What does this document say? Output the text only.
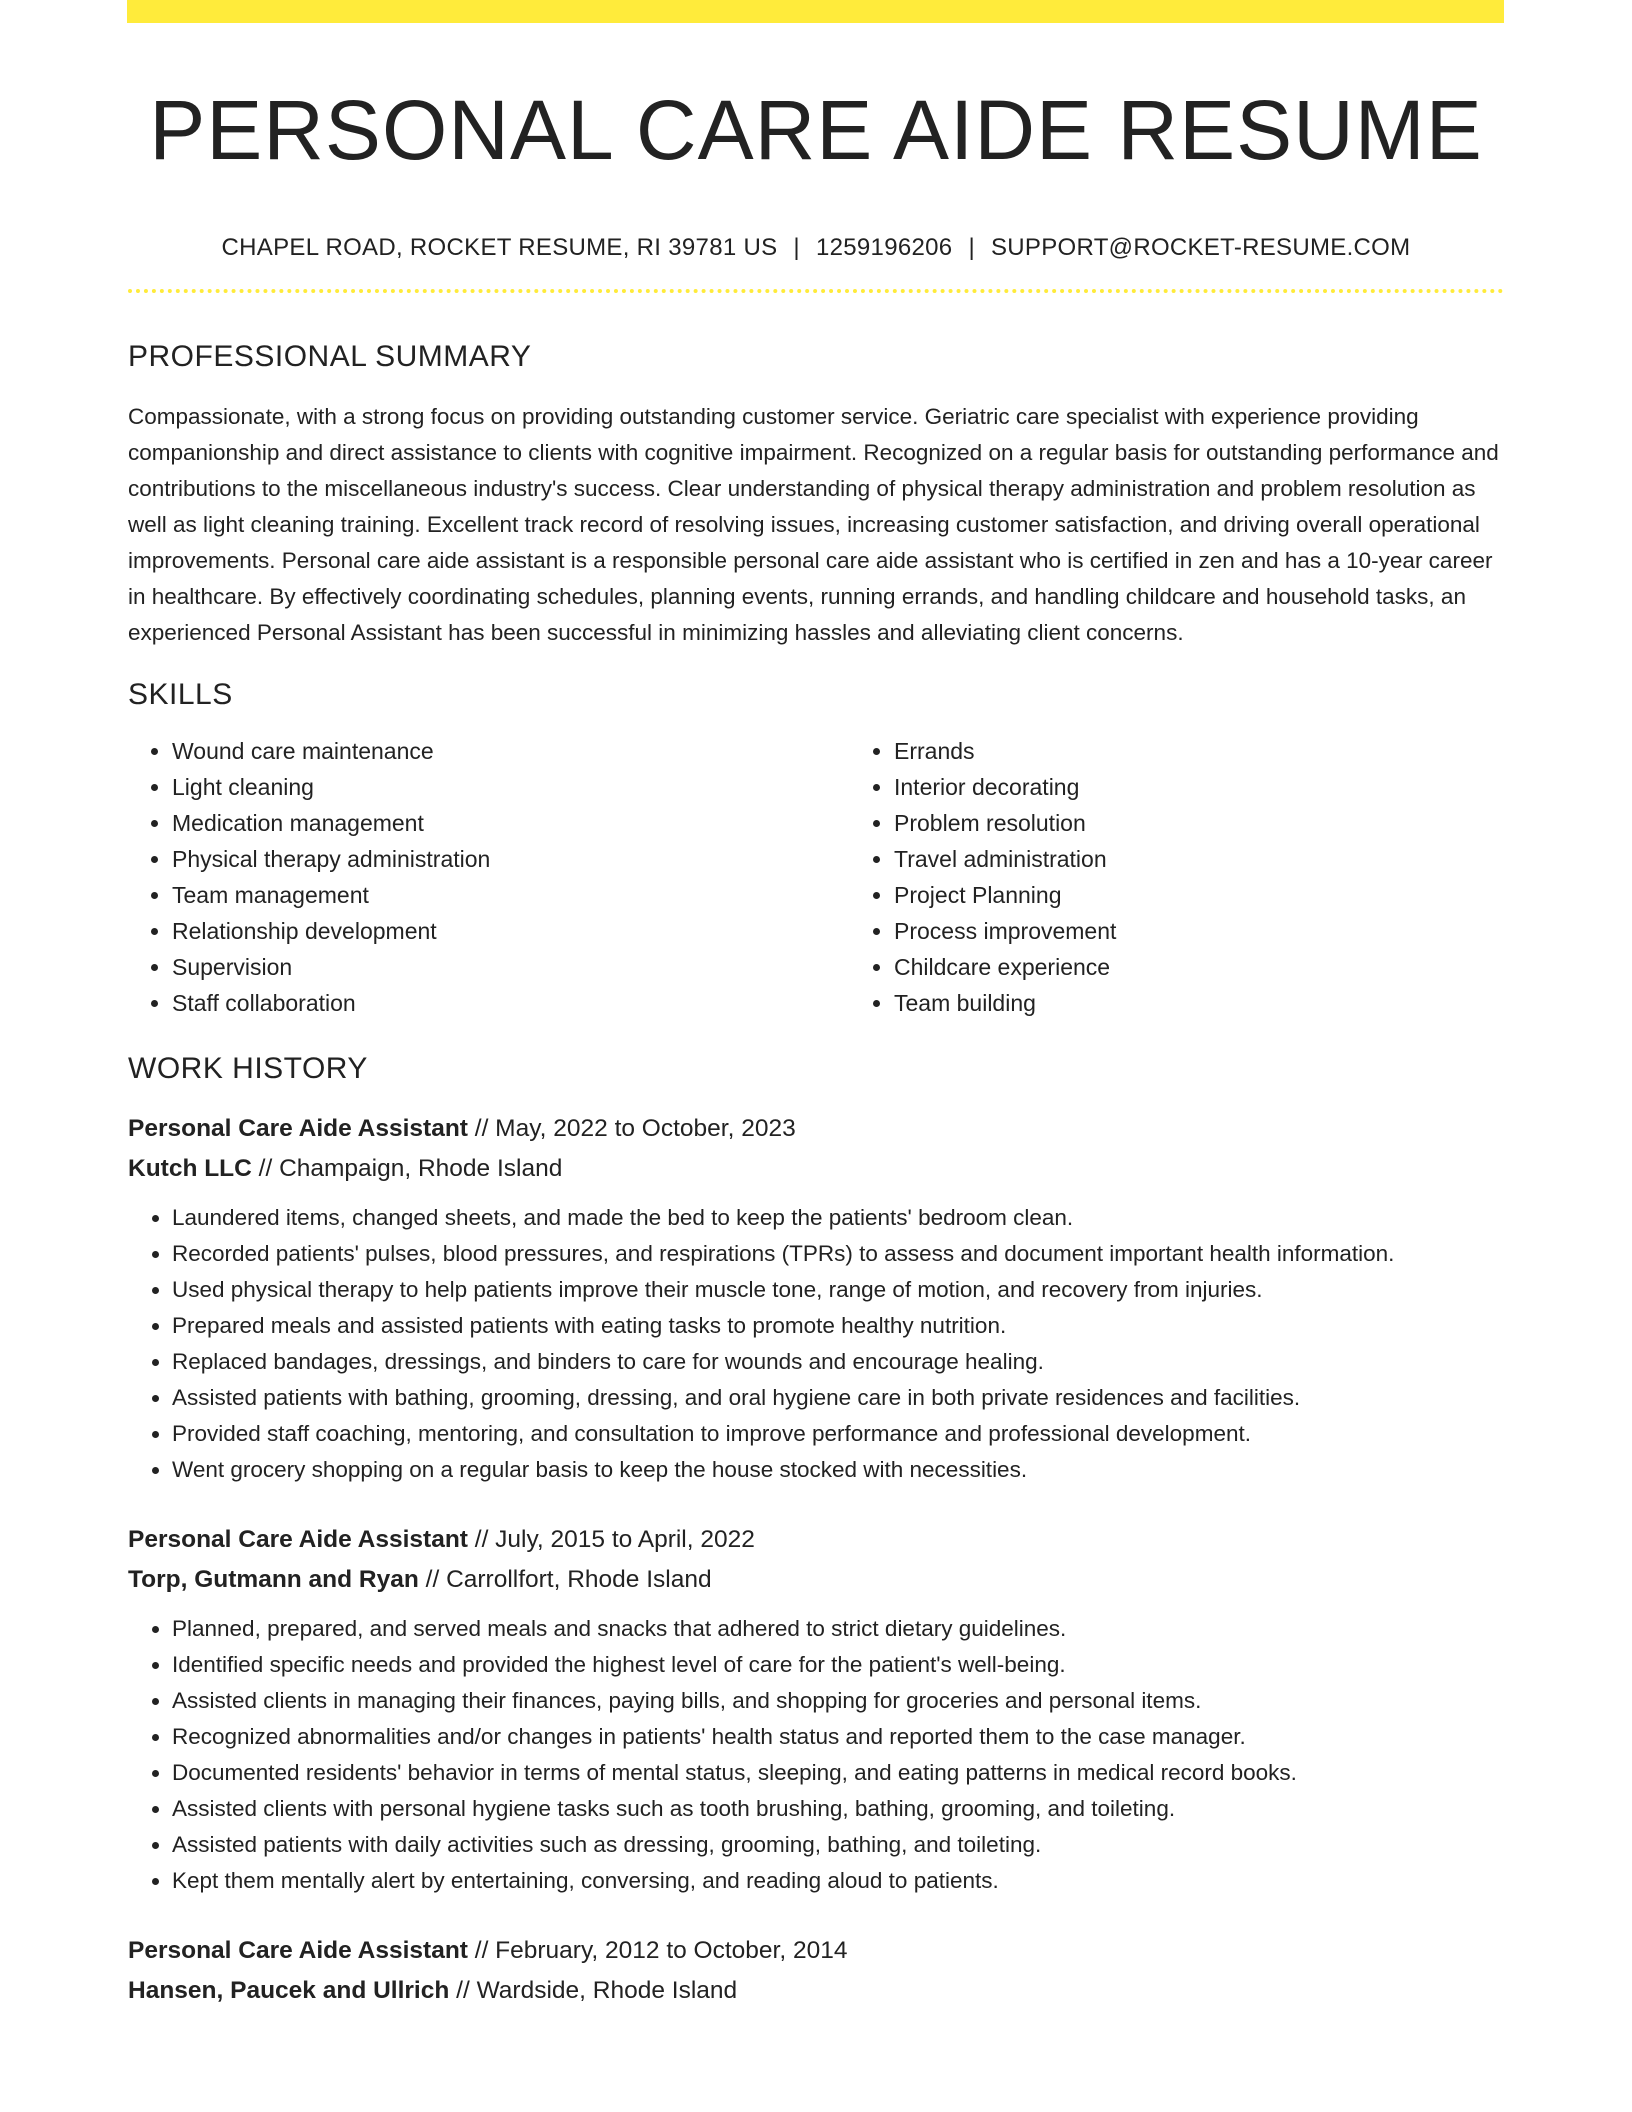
PERSONAL CARE AIDE RESUME
CHAPEL ROAD, ROCKET RESUME, RI 39781 US | 1259196206 | SUPPORT@ROCKET-RESUME.COM
PROFESSIONAL SUMMARY
Compassionate, with a strong focus on providing outstanding customer service. Geriatric care specialist with experience providing companionship and direct assistance to clients with cognitive impairment. Recognized on a regular basis for outstanding performance and contributions to the miscellaneous industry's success. Clear understanding of physical therapy administration and problem resolution as well as light cleaning training. Excellent track record of resolving issues, increasing customer satisfaction, and driving overall operational improvements. Personal care aide assistant is a responsible personal care aide assistant who is certified in zen and has a 10-year career in healthcare. By effectively coordinating schedules, planning events, running errands, and handling childcare and household tasks, an experienced Personal Assistant has been successful in minimizing hassles and alleviating client concerns.
SKILLS
• Wound care maintenance
• Light cleaning
• Medication management
• Physical therapy administration
• Team management
• Relationship development
• Supervision
• Staff collaboration
• Errands
• Interior decorating
• Problem resolution
• Travel administration
• Project Planning
• Process improvement
• Childcare experience
• Team building
WORK HISTORY
Personal Care Aide Assistant // May, 2022 to October, 2023
Kutch LLC // Champaign, Rhode Island
• Laundered items, changed sheets, and made the bed to keep the patients' bedroom clean.
• Recorded patients' pulses, blood pressures, and respirations (TPRs) to assess and document important health information.
• Used physical therapy to help patients improve their muscle tone, range of motion, and recovery from injuries.
• Prepared meals and assisted patients with eating tasks to promote healthy nutrition.
• Replaced bandages, dressings, and binders to care for wounds and encourage healing.
• Assisted patients with bathing, grooming, dressing, and oral hygiene care in both private residences and facilities.
• Provided staff coaching, mentoring, and consultation to improve performance and professional development.
• Went grocery shopping on a regular basis to keep the house stocked with necessities.
Personal Care Aide Assistant // July, 2015 to April, 2022
Torp, Gutmann and Ryan // Carrollfort, Rhode Island
• Planned, prepared, and served meals and snacks that adhered to strict dietary guidelines.
• Identified specific needs and provided the highest level of care for the patient's well-being.
• Assisted clients in managing their finances, paying bills, and shopping for groceries and personal items.
• Recognized abnormalities and/or changes in patients' health status and reported them to the case manager.
• Documented residents' behavior in terms of mental status, sleeping, and eating patterns in medical record books.
• Assisted clients with personal hygiene tasks such as tooth brushing, bathing, grooming, and toileting.
• Assisted patients with daily activities such as dressing, grooming, bathing, and toileting.
• Kept them mentally alert by entertaining, conversing, and reading aloud to patients.
Personal Care Aide Assistant // February, 2012 to October, 2014
Hansen, Paucek and Ullrich // Wardside, Rhode Island
